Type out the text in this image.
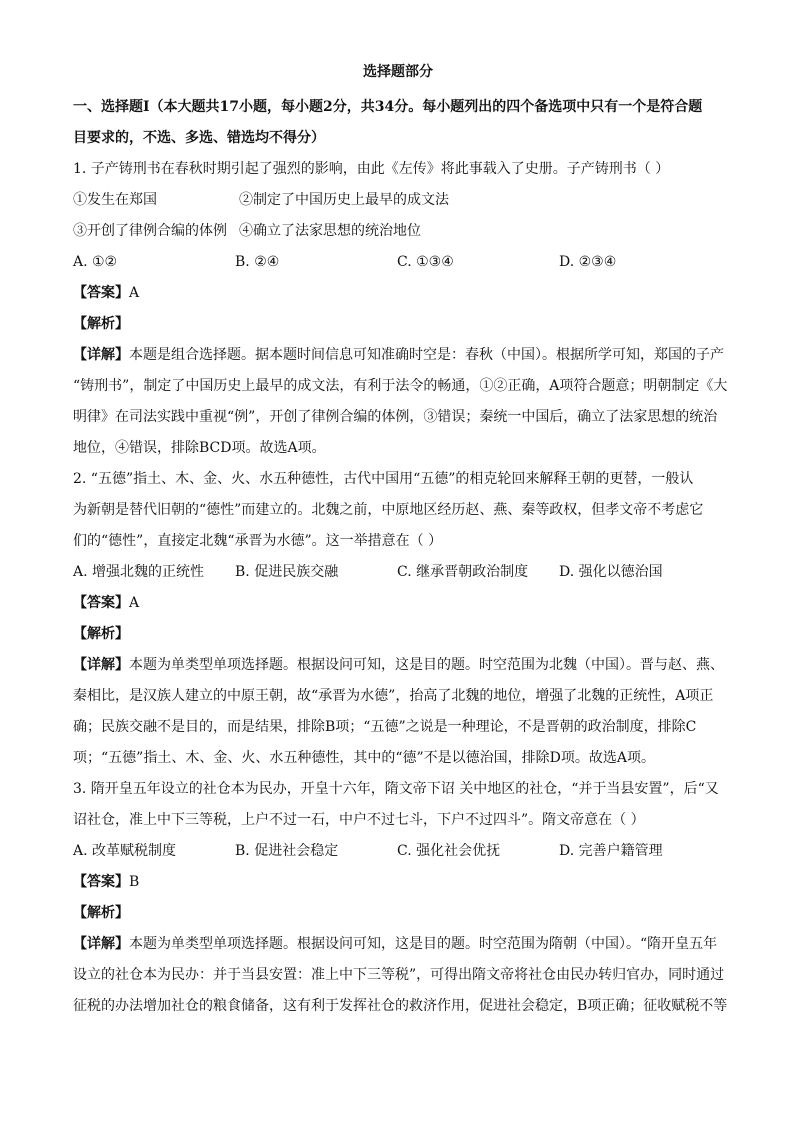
选择题部分
一、选择题Ⅰ（本大题共17小题，每小题2分，共34分。每小题列出的四个备选项中只有一个是符合题
目要求的，不选、多选、错选均不得分）
1. 子产铸刑书在春秋时期引起了强烈的影响，由此《左传》将此事载入了史册。子产铸刑书（ ）
①发生在郑国	②制定了中国历史上最早的成文法
③开创了律例合编的体例 ④确立了法家思想的统治地位
A. ①②	B. ②④	C. ①③④	D. ②③④
【答案】A
【解析】
【详解】本题是组合选择题。据本题时间信息可知准确时空是：春秋（中国）。根据所学可知，郑国的子产
“铸刑书”，制定了中国历史上最早的成文法，有利于法令的畅通，①②正确，A项符合题意；明朝制定《大
明律》在司法实践中重视“例”，开创了律例合编的体例，③错误；秦统一中国后，确立了法家思想的统治
地位，④错误，排除BCD项。故选A项。
2. “五德”指土、木、金、火、水五种德性，古代中国用“五德”的相克轮回来解释王朝的更替，一般认
为新朝是替代旧朝的“德性”而建立的。北魏之前，中原地区经历赵、燕、秦等政权，但孝文帝不考虑它
们的“德性”，直接定北魏“承晋为水德”。这一举措意在（ ）
A. 增强北魏的正统性	B. 促进民族交融	C. 继承晋朝政治制度	D. 强化以德治国
【答案】A
【解析】
【详解】本题为单类型单项选择题。根据设问可知，这是目的题。时空范围为北魏（中国）。晋与赵、燕、
秦相比，是汉族人建立的中原王朝，故“承晋为水德”，抬高了北魏的地位，增强了北魏的正统性，A项正
确；民族交融不是目的，而是结果，排除B项；“五德”之说是一种理论，不是晋朝的政治制度，排除C
项；“五德”指土、木、金、火、水五种德性，其中的“德”不是以德治国，排除D项。故选A项。
3. 隋开皇五年设立的社仓本为民办，开皇十六年，隋文帝下诏 关中地区的社仓，“并于当县安置”，后“又
诏社仓，准上中下三等税，上户不过一石，中户不过七斗，下户不过四斗”。隋文帝意在（ ）
A. 改革赋税制度	B. 促进社会稳定	C. 强化社会优抚	D. 完善户籍管理
【答案】B
【解析】
【详解】本题为单类型单项选择题。根据设问可知，这是目的题。时空范围为隋朝（中国）。“隋开皇五年
设立的社仓本为民办：并于当县安置：准上中下三等税”，可得出隋文帝将社仓由民办转归官办，同时通过
征税的办法增加社仓的粮食储备，这有利于发挥社仓的救济作用，促进社会稳定，B项正确；征收赋税不等
